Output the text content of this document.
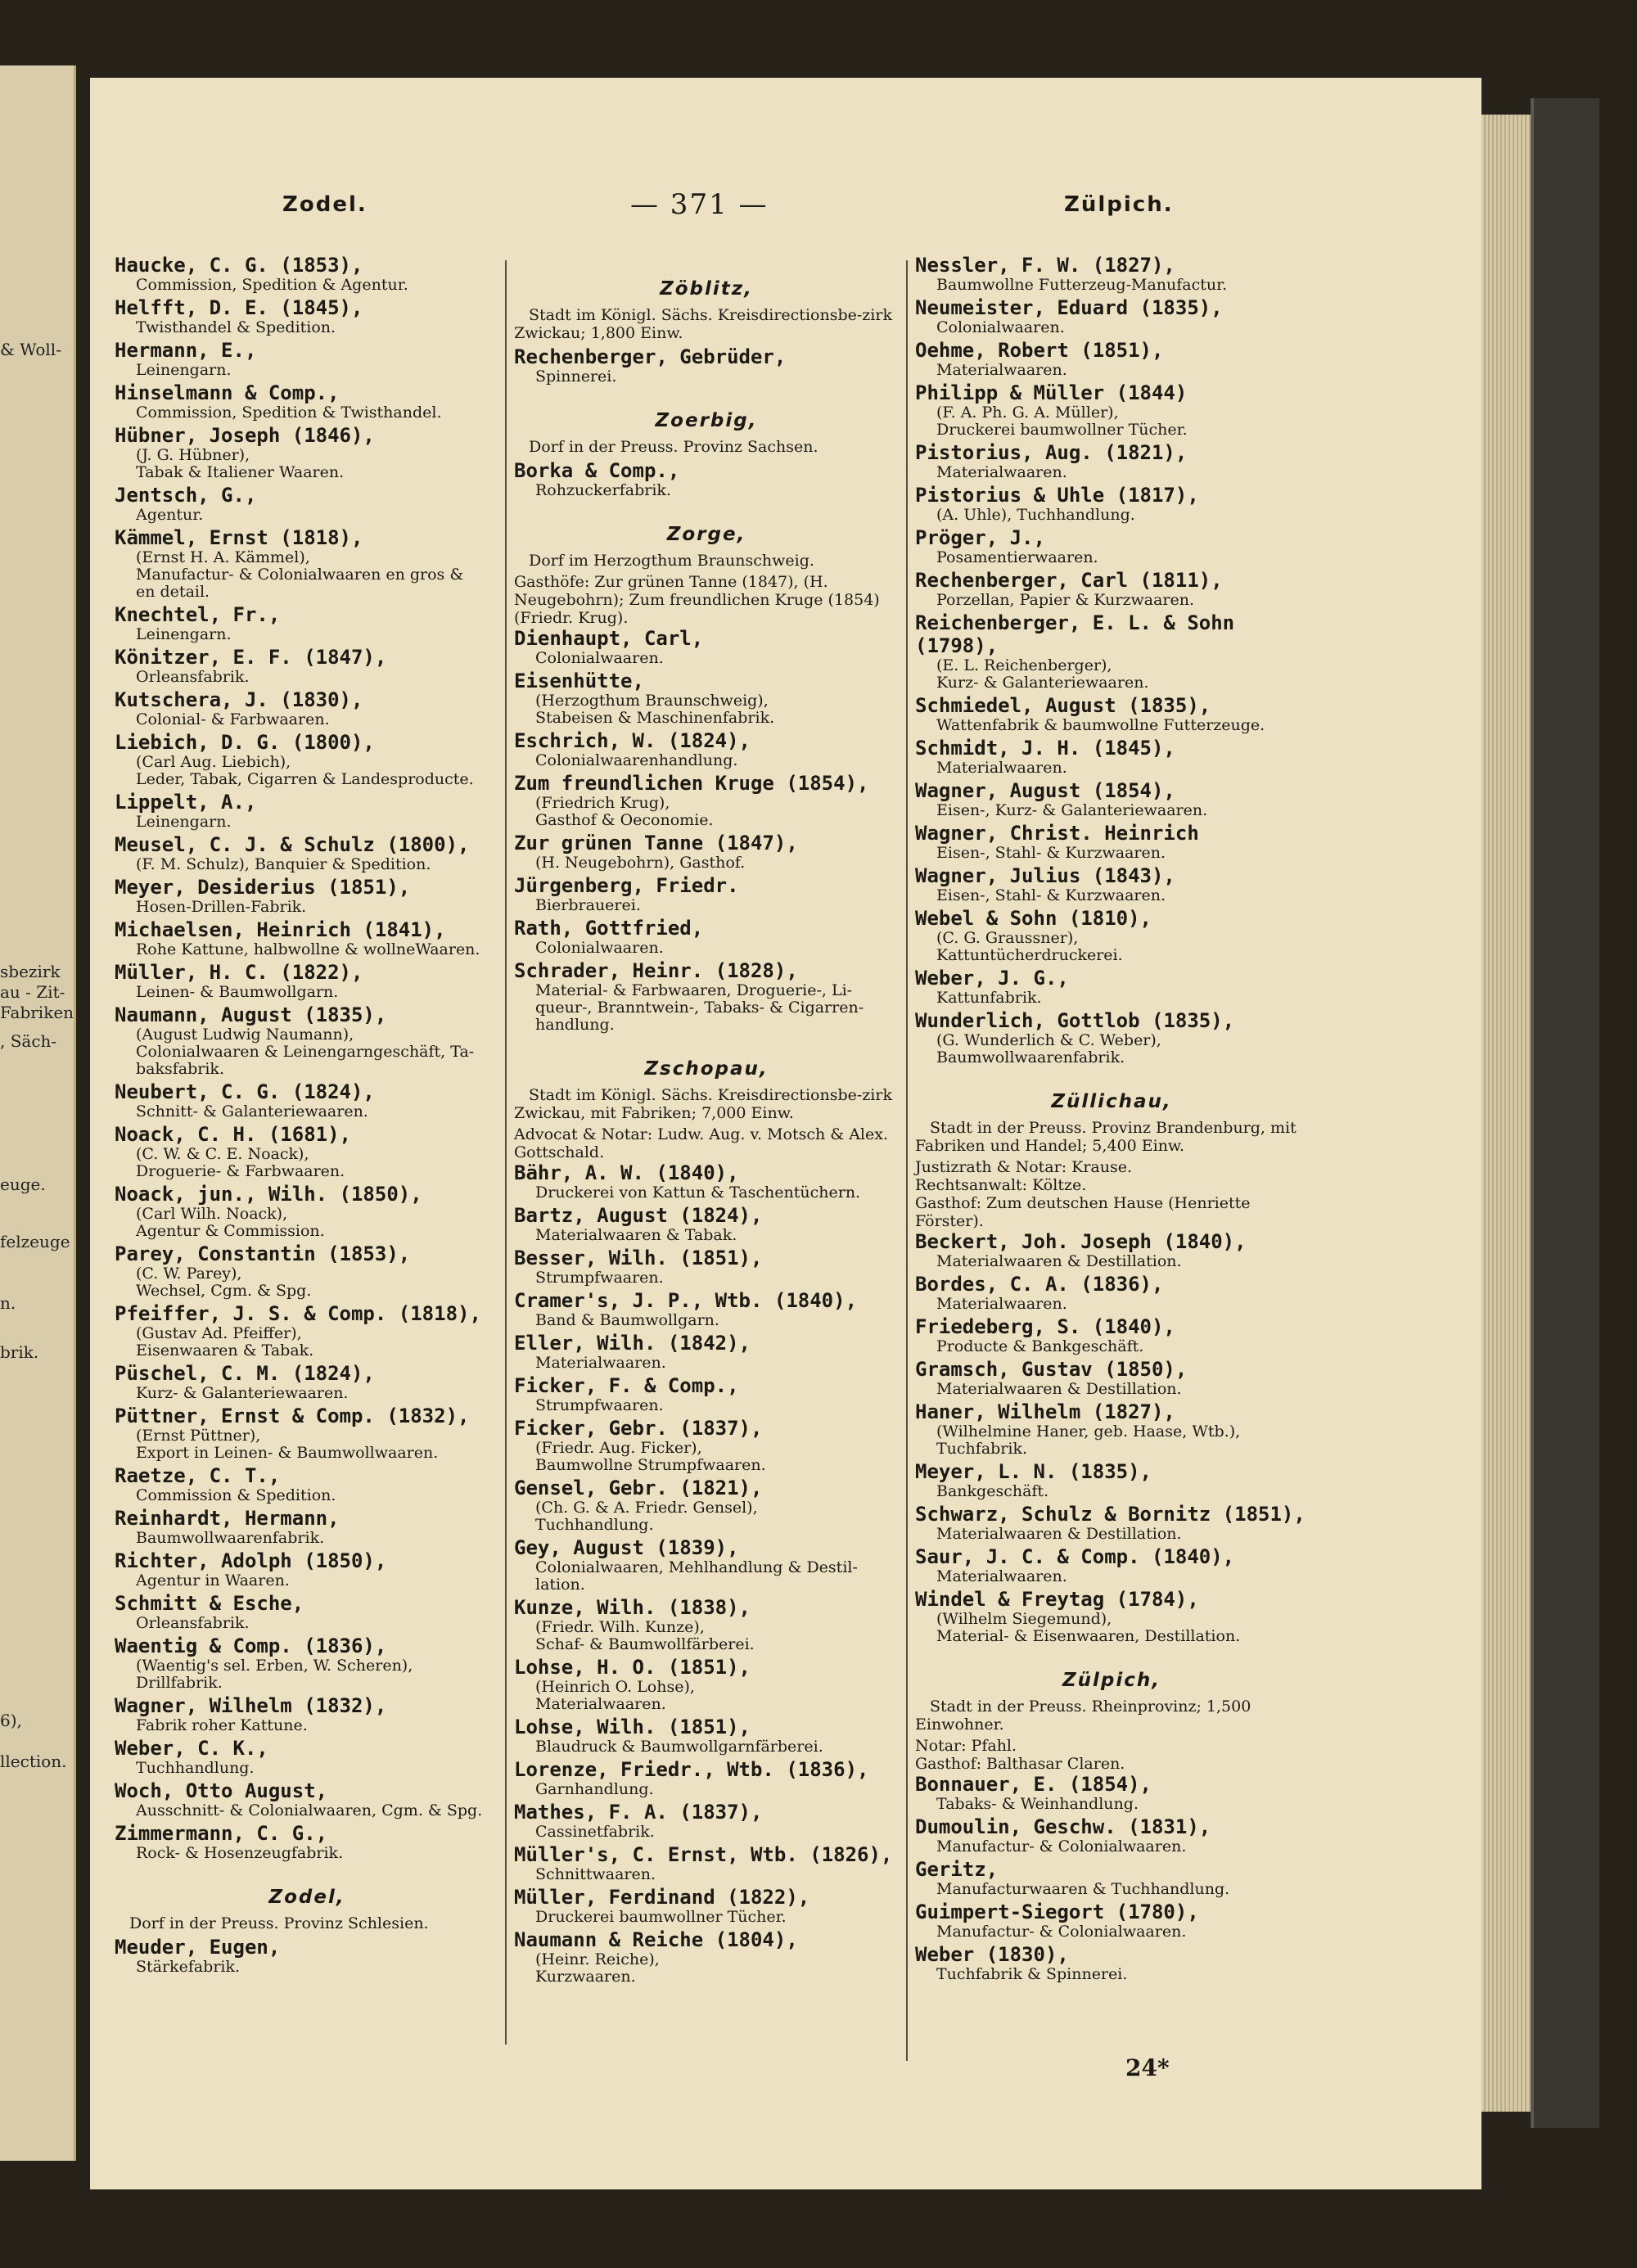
& Woll-
sbezirk
au - Zit-
Fabriken
, Säch-
euge.
felzeuge
n.
brik.
6),
llection.
Zodel.	— 371 —	Zülpich.
Haucke, C. G. (1853),
Commission, Spedition & Agentur.
Helfft, D. E. (1845),
Twisthandel & Spedition.
Hermann, E.,
Leinengarn.
Hinselmann & Comp.,
Commission, Spedition & Twisthandel.
Hübner, Joseph (1846),
(J. G. Hübner),
Tabak & Italiener Waaren.
Jentsch, G.,
Agentur.
Kämmel, Ernst (1818),
(Ernst H. A. Kämmel),
Manufactur- & Colonialwaaren en gros &
en detail.
Knechtel, Fr.,
Leinengarn.
Könitzer, E. F. (1847),
Orleansfabrik.
Kutschera, J. (1830),
Colonial- & Farbwaaren.
Liebich, D. G. (1800),
(Carl Aug. Liebich),
Leder, Tabak, Cigarren & Landesproducte.
Lippelt, A.,
Leinengarn.
Meusel, C. J. & Schulz (1800),
(F. M. Schulz), Banquier & Spedition.
Meyer, Desiderius (1851),
Hosen-Drillen-Fabrik.
Michaelsen, Heinrich (1841),
Rohe Kattune, halbwollne & wollneWaaren.
Müller, H. C. (1822),
Leinen- & Baumwollgarn.
Naumann, August (1835),
(August Ludwig Naumann),
Colonialwaaren & Leinengarngeschäft, Ta-
baksfabrik.
Neubert, C. G. (1824),
Schnitt- & Galanteriewaaren.
Noack, C. H. (1681),
(C. W. & C. E. Noack),
Droguerie- & Farbwaaren.
Noack, jun., Wilh. (1850),
(Carl Wilh. Noack),
Agentur & Commission.
Parey, Constantin (1853),
(C. W. Parey),
Wechsel, Cgm. & Spg.
Pfeiffer, J. S. & Comp. (1818),
(Gustav Ad. Pfeiffer),
Eisenwaaren & Tabak.
Püschel, C. M. (1824),
Kurz- & Galanteriewaaren.
Püttner, Ernst & Comp. (1832),
(Ernst Püttner),
Export in Leinen- & Baumwollwaaren.
Raetze, C. T.,
Commission & Spedition.
Reinhardt, Hermann,
Baumwollwaarenfabrik.
Richter, Adolph (1850),
Agentur in Waaren.
Schmitt & Esche,
Orleansfabrik.
Waentig & Comp. (1836),
(Waentig's sel. Erben, W. Scheren),
Drillfabrik.
Wagner, Wilhelm (1832),
Fabrik roher Kattune.
Weber, C. K.,
Tuchhandlung.
Woch, Otto August,
Ausschnitt- & Colonialwaaren, Cgm. & Spg.
Zimmermann, C. G.,
Rock- & Hosenzeugfabrik.
Zodel,
Dorf in der Preuss. Provinz Schlesien.
Meuder, Eugen,
Stärkefabrik.
Zöblitz,
Stadt im Königl. Sächs. Kreisdirectionsbe-zirk Zwickau; 1,800 Einw.
Rechenberger, Gebrüder,
Spinnerei.
Zoerbig,
Dorf in der Preuss. Provinz Sachsen.
Borka & Comp.,
Rohzuckerfabrik.
Zorge,
Dorf im Herzogthum Braunschweig.
Gasthöfe: Zur grünen Tanne (1847), (H. Neugebohrn); Zum freundlichen Kruge (1854) (Friedr. Krug).
Dienhaupt, Carl,
Colonialwaaren.
Eisenhütte,
(Herzogthum Braunschweig),
Stabeisen & Maschinenfabrik.
Eschrich, W. (1824),
Colonialwaarenhandlung.
Zum freundlichen Kruge (1854),
(Friedrich Krug),
Gasthof & Oeconomie.
Zur grünen Tanne (1847),
(H. Neugebohrn), Gasthof.
Jürgenberg, Friedr.
Bierbrauerei.
Rath, Gottfried,
Colonialwaaren.
Schrader, Heinr. (1828),
Material- & Farbwaaren, Droguerie-, Li-
queur-, Branntwein-, Tabaks- & Cigarren-
handlung.
Zschopau,
Stadt im Königl. Sächs. Kreisdirectionsbe-zirk Zwickau, mit Fabriken; 7,000 Einw.
Advocat & Notar: Ludw. Aug. v. Motsch & Alex. Gottschald.
Bähr, A. W. (1840),
Druckerei von Kattun & Taschentüchern.
Bartz, August (1824),
Materialwaaren & Tabak.
Besser, Wilh. (1851),
Strumpfwaaren.
Cramer's, J. P., Wtb. (1840),
Band & Baumwollgarn.
Eller, Wilh. (1842),
Materialwaaren.
Ficker, F. & Comp.,
Strumpfwaaren.
Ficker, Gebr. (1837),
(Friedr. Aug. Ficker),
Baumwollne Strumpfwaaren.
Gensel, Gebr. (1821),
(Ch. G. & A. Friedr. Gensel),
Tuchhandlung.
Gey, August (1839),
Colonialwaaren, Mehlhandlung & Destil-
lation.
Kunze, Wilh. (1838),
(Friedr. Wilh. Kunze),
Schaf- & Baumwollfärberei.
Lohse, H. O. (1851),
(Heinrich O. Lohse),
Materialwaaren.
Lohse, Wilh. (1851),
Blaudruck & Baumwollgarnfärberei.
Lorenze, Friedr., Wtb. (1836),
Garnhandlung.
Mathes, F. A. (1837),
Cassinetfabrik.
Müller's, C. Ernst, Wtb. (1826),
Schnittwaaren.
Müller, Ferdinand (1822),
Druckerei baumwollner Tücher.
Naumann & Reiche (1804),
(Heinr. Reiche),
Kurzwaaren.
Nessler, F. W. (1827),
Baumwollne Futterzeug-Manufactur.
Neumeister, Eduard (1835),
Colonialwaaren.
Oehme, Robert (1851),
Materialwaaren.
Philipp & Müller (1844)
(F. A. Ph. G. A. Müller),
Druckerei baumwollner Tücher.
Pistorius, Aug. (1821),
Materialwaaren.
Pistorius & Uhle (1817),
(A. Uhle), Tuchhandlung.
Pröger, J.,
Posamentierwaaren.
Rechenberger, Carl (1811),
Porzellan, Papier & Kurzwaaren.
Reichenberger, E. L. & Sohn (1798),
(E. L. Reichenberger),
Kurz- & Galanteriewaaren.
Schmiedel, August (1835),
Wattenfabrik & baumwollne Futterzeuge.
Schmidt, J. H. (1845),
Materialwaaren.
Wagner, August (1854),
Eisen-, Kurz- & Galanteriewaaren.
Wagner, Christ. Heinrich
Eisen-, Stahl- & Kurzwaaren.
Wagner, Julius (1843),
Eisen-, Stahl- & Kurzwaaren.
Webel & Sohn (1810),
(C. G. Graussner),
Kattuntücherdruckerei.
Weber, J. G.,
Kattunfabrik.
Wunderlich, Gottlob (1835),
(G. Wunderlich & C. Weber),
Baumwollwaarenfabrik.
Züllichau,
Stadt in der Preuss. Provinz Brandenburg, mit Fabriken und Handel; 5,400 Einw.
Justizrath & Notar: Krause.
Rechtsanwalt: Költze.
Gasthof: Zum deutschen Hause (Henriette Förster).
Beckert, Joh. Joseph (1840),
Materialwaaren & Destillation.
Bordes, C. A. (1836),
Materialwaaren.
Friedeberg, S. (1840),
Producte & Bankgeschäft.
Gramsch, Gustav (1850),
Materialwaaren & Destillation.
Haner, Wilhelm (1827),
(Wilhelmine Haner, geb. Haase, Wtb.),
Tuchfabrik.
Meyer, L. N. (1835),
Bankgeschäft.
Schwarz, Schulz & Bornitz (1851),
Materialwaaren & Destillation.
Saur, J. C. & Comp. (1840),
Materialwaaren.
Windel & Freytag (1784),
(Wilhelm Siegemund),
Material- & Eisenwaaren, Destillation.
Zülpich,
Stadt in der Preuss. Rheinprovinz; 1,500 Einwohner.
Notar: Pfahl.
Gasthof: Balthasar Claren.
Bonnauer, E. (1854),
Tabaks- & Weinhandlung.
Dumoulin, Geschw. (1831),
Manufactur- & Colonialwaaren.
Geritz,
Manufacturwaaren & Tuchhandlung.
Guimpert-Siegort (1780),
Manufactur- & Colonialwaaren.
Weber (1830),
Tuchfabrik & Spinnerei.
24*
